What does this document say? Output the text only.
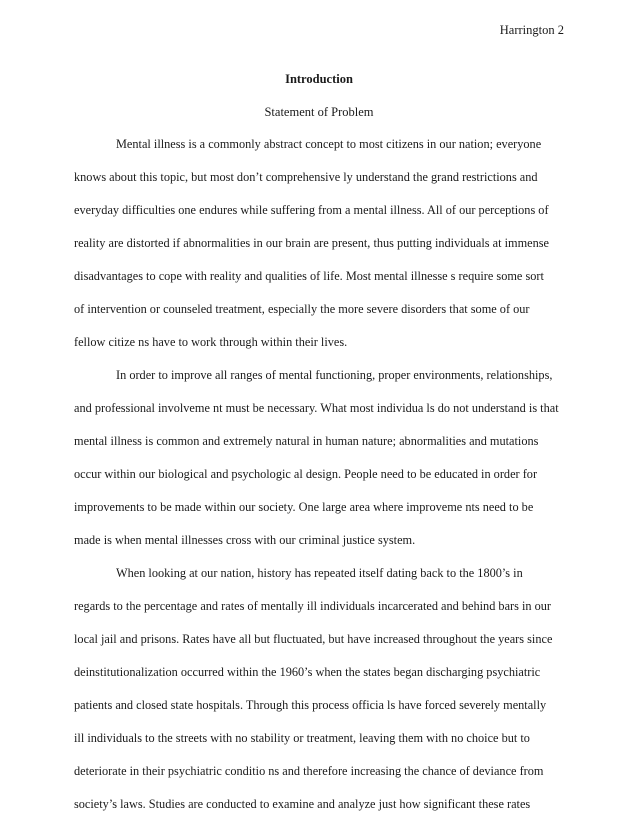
Harrington 2
Introduction
Statement of Problem
Mental illness is a commonly abstract concept to most citizens in our nation; everyone
knows about this topic, but most don’t comprehensive ly understand the grand restrictions and
everyday difficulties one endures while suffering from a mental illness. All of our perceptions of
reality are distorted if abnormalities in our brain are present, thus putting individuals at immense
disadvantages to cope with reality and qualities of life. Most mental illnesse s require some sort
of intervention or counseled treatment, especially the more severe disorders that some of our
fellow citize ns have to work through within their lives.
In order to improve all ranges of mental functioning, proper environments, relationships,
and professional involveme nt must be necessary. What most individua ls do not understand is that
mental illness is common and extremely natural in human nature; abnormalities and mutations
occur within our biological and psychologic al design. People need to be educated in order for
improvements to be made within our society. One large area where improveme nts need to be
made is when mental illnesses cross with our criminal justice system.
When looking at our nation, history has repeated itself dating back to the 1800’s in
regards to the percentage and rates of mentally ill individuals incarcerated and behind bars in our
local jail and prisons. Rates have all but fluctuated, but have increased throughout the years since
deinstitutionalization occurred within the 1960’s when the states began discharging psychiatric
patients and closed state hospitals. Through this process officia ls have forced severely mentally
ill individuals to the streets with no stability or treatment, leaving them with no choice but to
deteriorate in their psychiatric conditio ns and therefore increasing the chance of deviance from
society’s laws. Studies are conducted to examine and analyze just how significant these rates
